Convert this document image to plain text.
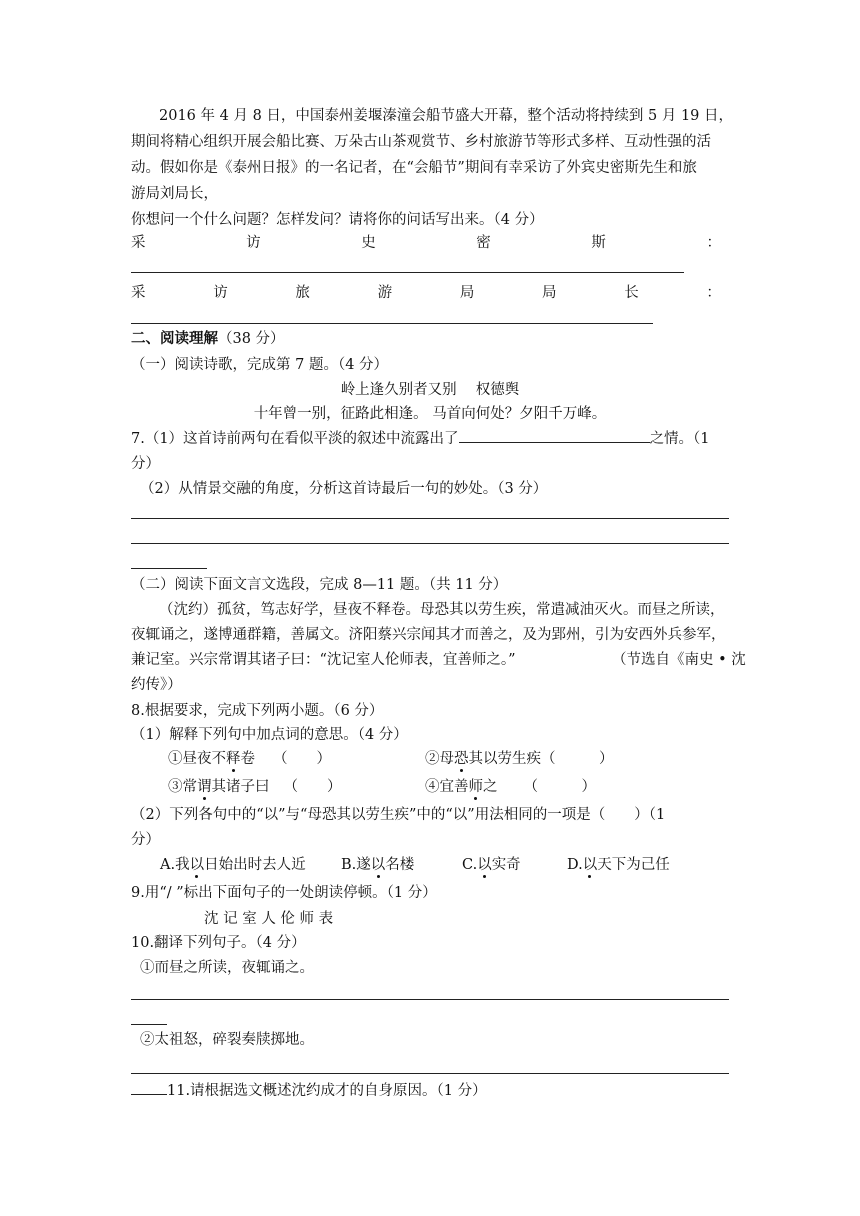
2016 年 4 月 8 日，中国泰州姜堰溱潼会船节盛大开幕，整个活动将持续到 5 月 19 日，
期间将精心组织开展会船比赛、万朵古山茶观赏节、乡村旅游节等形式多样、互动性强的活
动。假如你是《泰州日报》的一名记者，在“会船节”期间有幸采访了外宾史密斯先生和旅
游局刘局长，
你想问一个什么问题？怎样发问？请将你的问话写出来。（4 分）
采	访	史	密	斯	：
采	访	旅	游	局	局	长	：
二、阅读理解（38 分）
（一）阅读诗歌，完成第 7 题。（4 分）
岭上逢久别者又别　 权德舆
十年曾一别，征路此相逢。 马首向何处？夕阳千万峰。
7.（1）这首诗前两句在看似平淡的叙述中流露出了	之情。（1
分）
（2）从情景交融的角度，分析这首诗最后一句的妙处。（3 分）
（二）阅读下面文言文选段，完成 8—11 题。（共 11 分）
（沈约）孤贫，笃志好学，昼夜不释卷。母恐其以劳生疾，常遣减油灭火。而昼之所读，
夜辄诵之，遂博通群籍，善属文。济阳蔡兴宗闻其才而善之，及为郢州，引为安西外兵参军，
兼记室。兴宗常谓其诸子曰：“沈记室人伦师表，宜善师之。”	（节选自《南史 • 沈
约传》）
8.根据要求，完成下列两小题。（6 分）
（1）解释下列句中加点词的意思。（4 分）
①昼夜不释卷 （　　）	②母恐其以劳生疾（　　　）
③常谓其诸子曰 （　　）	④宜善师之 （　　　）
（2）下列各句中的“以”与“母恐其以劳生疾”中的“以”用法相同的一项是（　　）（1
分）
A.我以日始出时去人近 B.遂以名楼	C.以实奇	D.以天下为己任
9.用“/ ”标出下面句子的一处朗读停顿。（1 分）
沈 记 室 人 伦 师 表
10.翻译下列句子。（4 分）
①而昼之所读，夜辄诵之。
②太祖怒，碎裂奏牍掷地。
11.请根据选文概述沈约成才的自身原因。（1 分）
